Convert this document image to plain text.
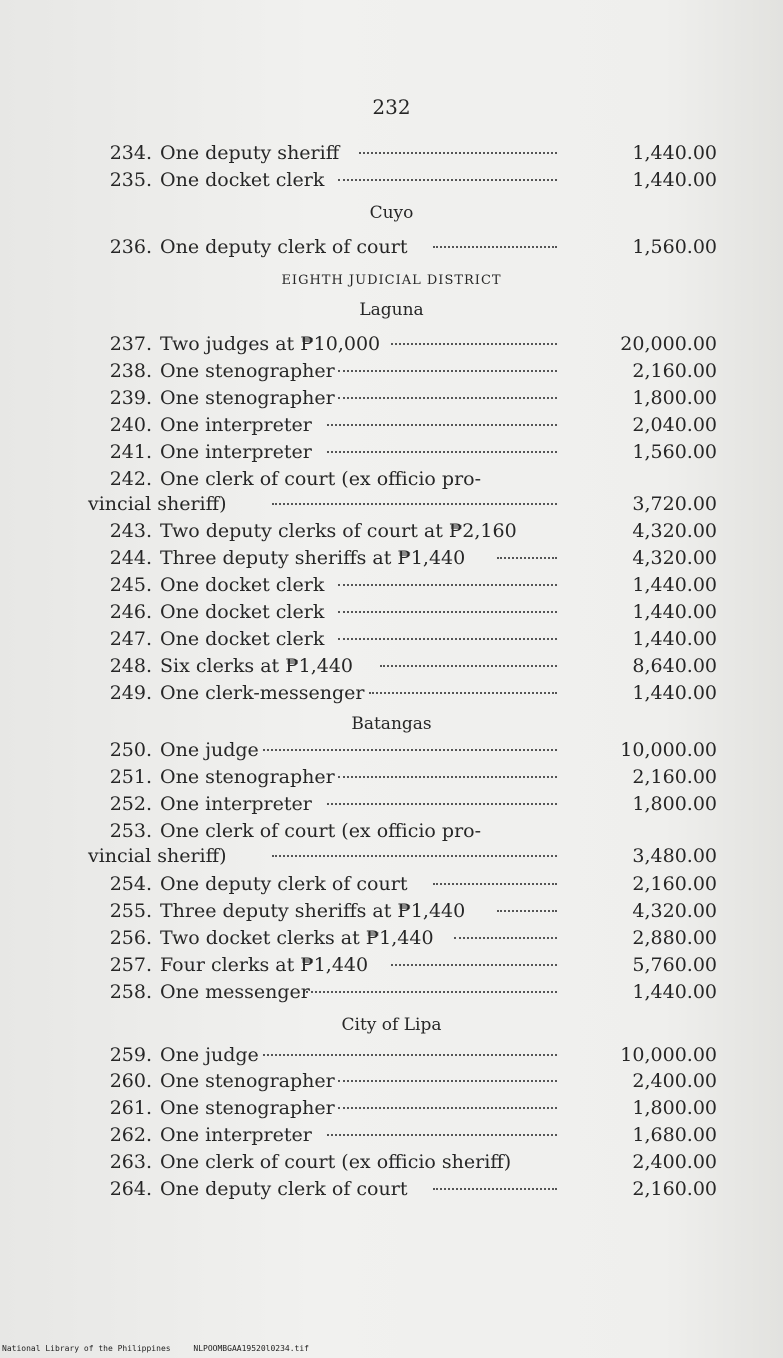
232
234. One deputy sheriff	1,440.00
235. One docket clerk	1,440.00
Cuyo
236. One deputy clerk of court	1,560.00
EIGHTH JUDICIAL DISTRICT
Laguna
237. Two judges at ₱10,000	20,000.00
238. One stenographer	2,160.00
239. One stenographer	1,800.00
240. One interpreter	2,040.00
241. One interpreter	1,560.00
242. One clerk of court (ex officio pro-
vincial sheriff)	3,720.00
243. Two deputy clerks of court at ₱2,160	4,320.00
244. Three deputy sheriffs at ₱1,440	4,320.00
245. One docket clerk	1,440.00
246. One docket clerk	1,440.00
247. One docket clerk	1,440.00
248. Six clerks at ₱1,440	8,640.00
249. One clerk-messenger	1,440.00
Batangas
250. One judge	10,000.00
251. One stenographer	2,160.00
252. One interpreter	1,800.00
253. One clerk of court (ex officio pro-
vincial sheriff)	3,480.00
254. One deputy clerk of court	2,160.00
255. Three deputy sheriffs at ₱1,440	4,320.00
256. Two docket clerks at ₱1,440	2,880.00
257. Four clerks at ₱1,440	5,760.00
258. One messenger	1,440.00
City of Lipa
259. One judge	10,000.00
260. One stenographer	2,400.00
261. One stenographer	1,800.00
262. One interpreter	1,680.00
263. One clerk of court (ex officio sheriff)	2,400.00
264. One deputy clerk of court	2,160.00
National Library of the Philippines	NLPOOMBGAA19520l0234.tif
